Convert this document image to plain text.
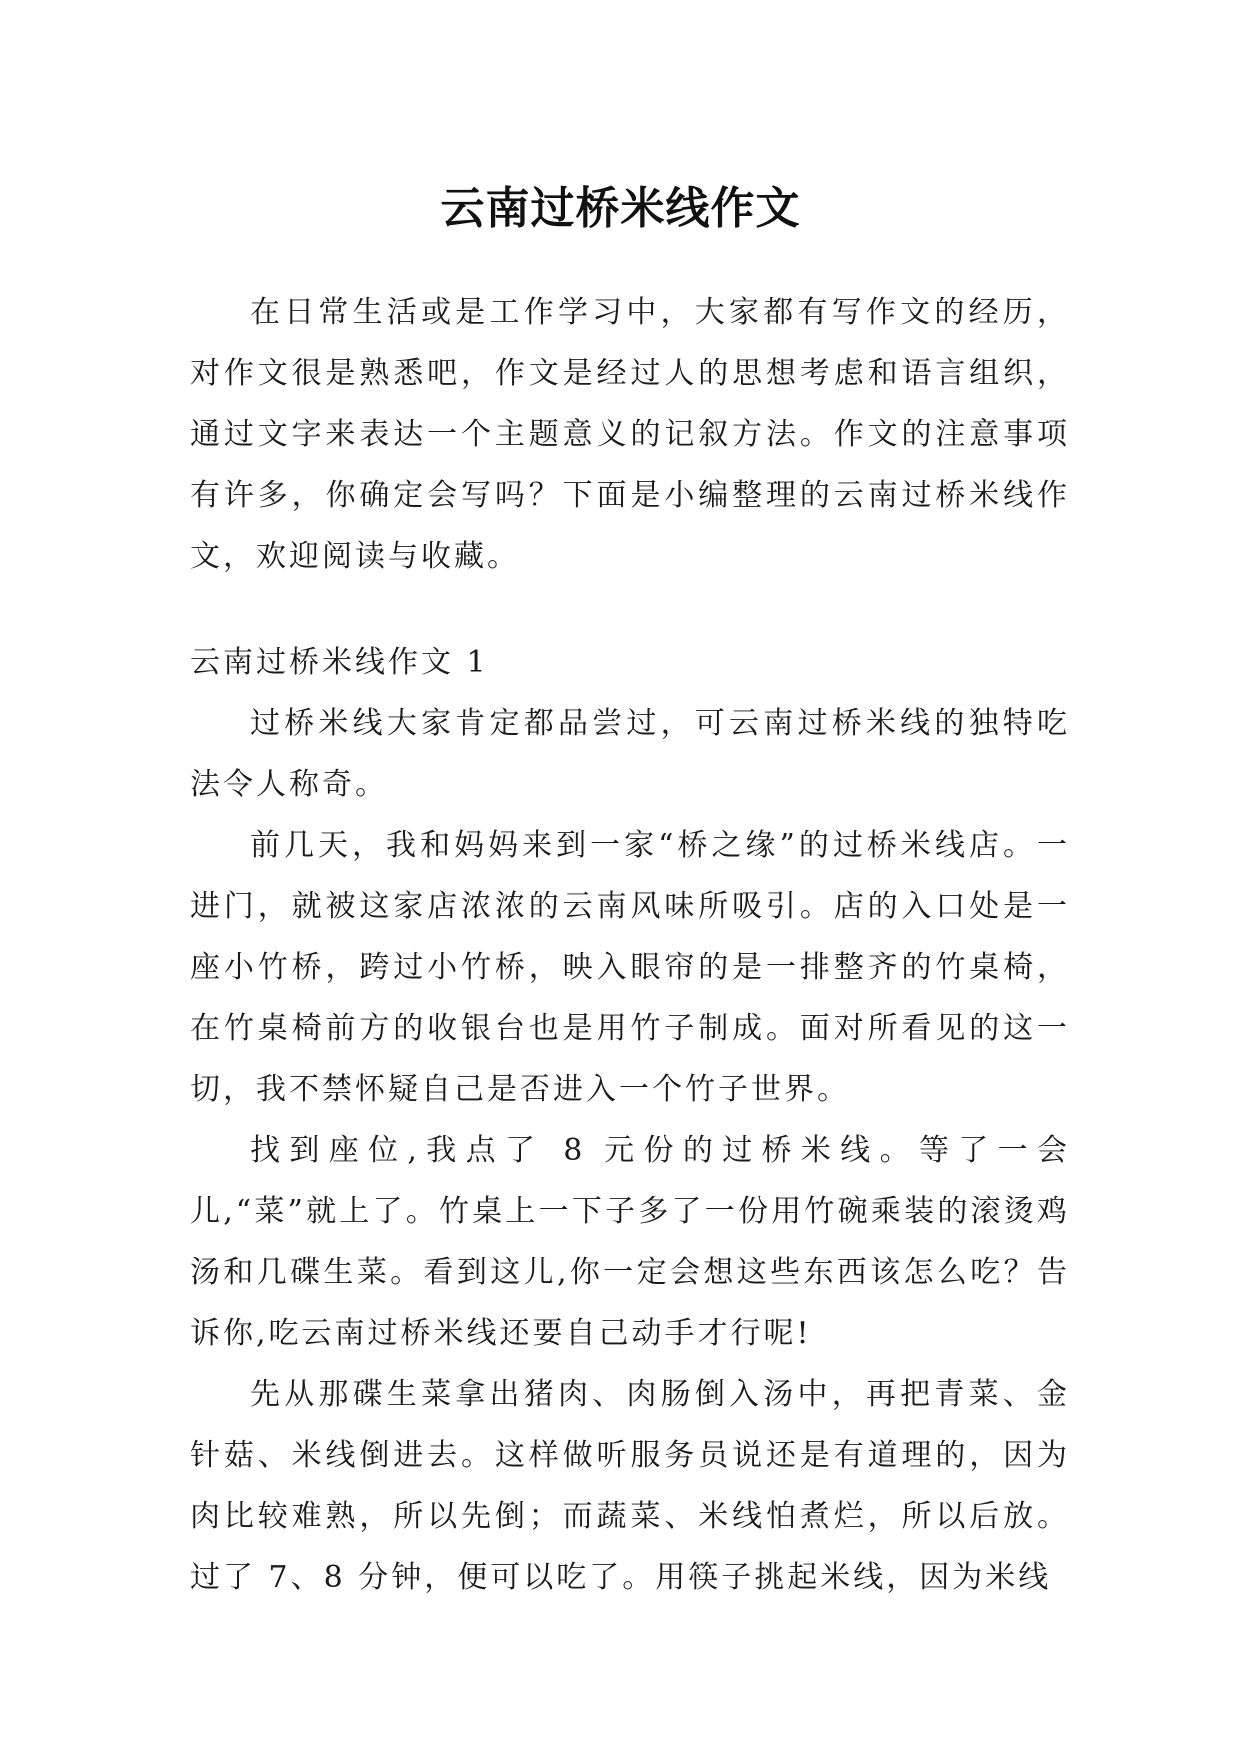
云南过桥米线作文

在日常生活或是工作学习中，大家都有写作文的经历，对作文很是熟悉吧，作文是经过人的思想考虑和语言组织，通过文字来表达一个主题意义的记叙方法。作文的注意事项有许多，你确定会写吗？下面是小编整理的云南过桥米线作文，欢迎阅读与收藏。

云南过桥米线作文 1

过桥米线大家肯定都品尝过，可云南过桥米线的独特吃法令人称奇。

前几天，我和妈妈来到一家“桥之缘”的过桥米线店。一进门，就被这家店浓浓的云南风味所吸引。店的入口处是一座小竹桥，跨过小竹桥，映入眼帘的是一排整齐的竹桌椅，在竹桌椅前方的收银台也是用竹子制成。面对所看见的这一切，我不禁怀疑自己是否进入一个竹子世界。

找到座位,我点了 8 元份的过桥米线。等了一会儿,“菜”就上了。竹桌上一下子多了一份用竹碗乘装的滚烫鸡汤和几碟生菜。看到这儿,你一定会想这些东西该怎么吃？告诉你,吃云南过桥米线还要自己动手才行呢!

先从那碟生菜拿出猪肉、肉肠倒入汤中，再把青菜、金针菇、米线倒进去。这样做听服务员说还是有道理的，因为肉比较难熟，所以先倒；而蔬菜、米线怕煮烂，所以后放。过了 7、8 分钟，便可以吃了。用筷子挑起米线，因为米线
